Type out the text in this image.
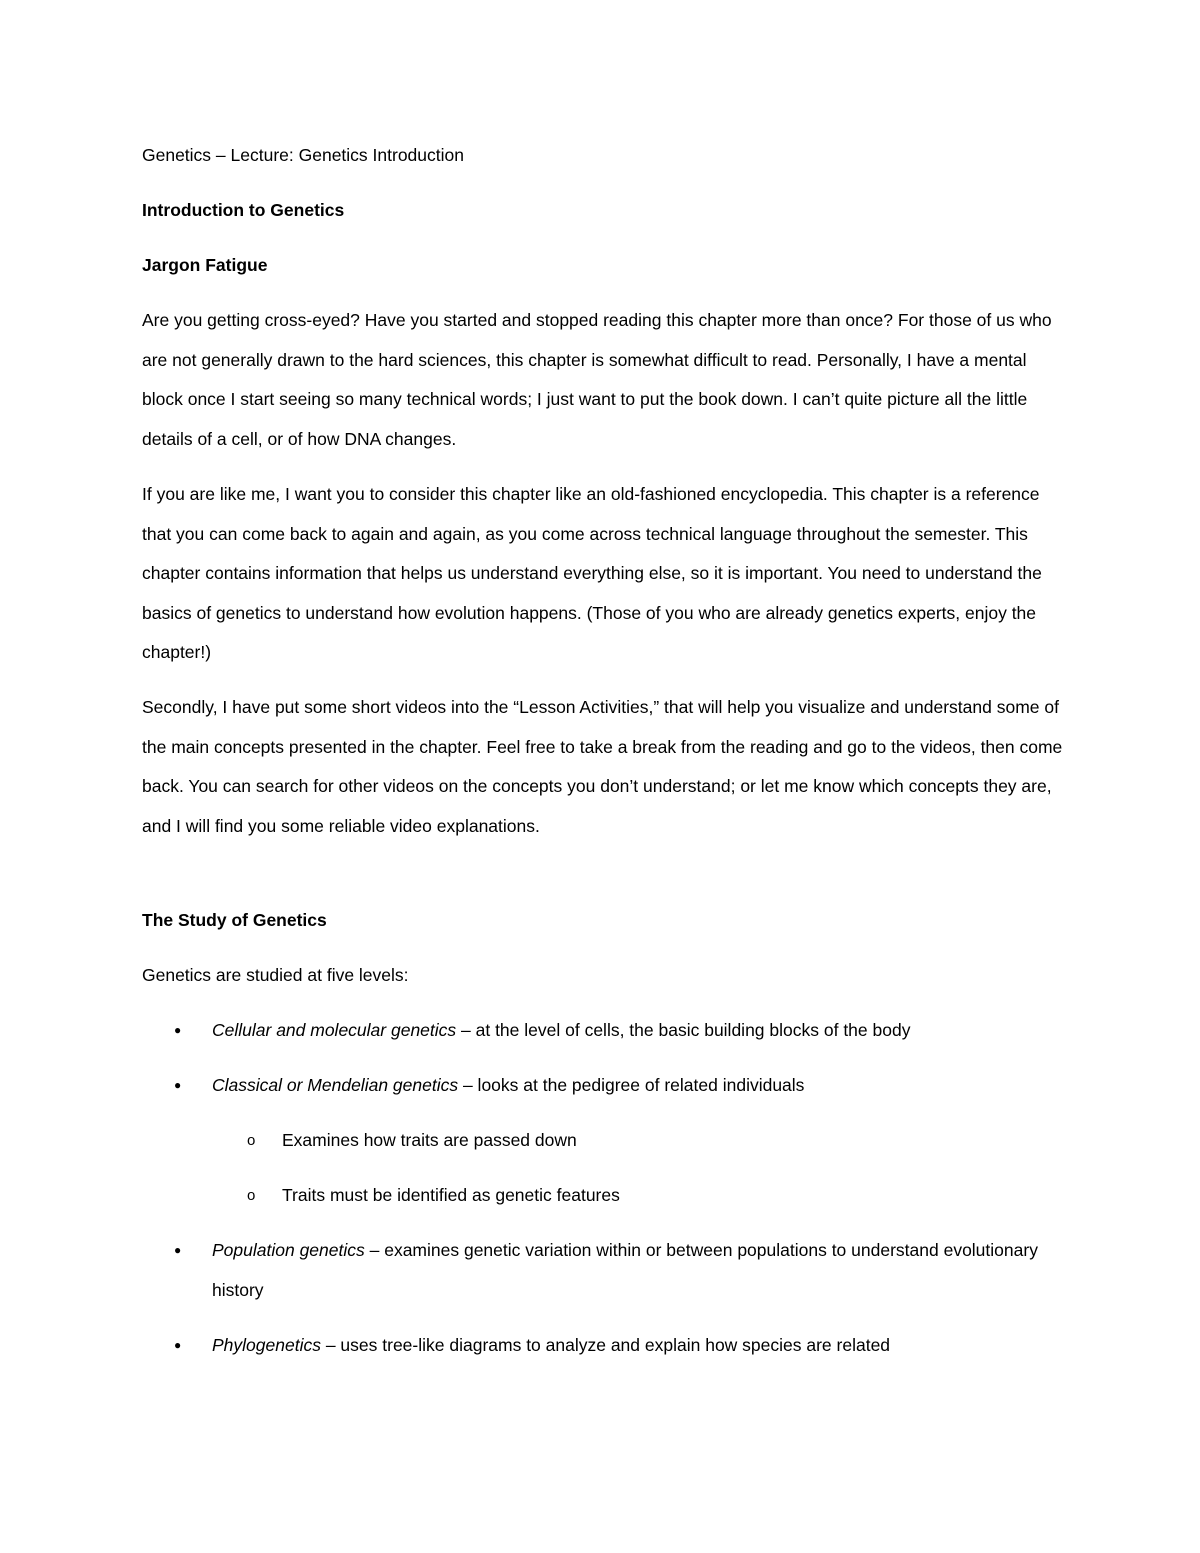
Genetics – Lecture: Genetics Introduction
Introduction to Genetics
Jargon Fatigue
Are you getting cross-eyed? Have you started and stopped reading this chapter more than once? For those of us who are not generally drawn to the hard sciences, this chapter is somewhat difficult to read. Personally, I have a mental block once I start seeing so many technical words; I just want to put the book down. I can’t quite picture all the little details of a cell, or of how DNA changes.
If you are like me, I want you to consider this chapter like an old-fashioned encyclopedia. This chapter is a reference that you can come back to again and again, as you come across technical language throughout the semester. This chapter contains information that helps us understand everything else, so it is important. You need to understand the basics of genetics to understand how evolution happens. (Those of you who are already genetics experts, enjoy the chapter!)
Secondly, I have put some short videos into the “Lesson Activities,” that will help you visualize and understand some of the main concepts presented in the chapter. Feel free to take a break from the reading and go to the videos, then come back. You can search for other videos on the concepts you don’t understand; or let me know which concepts they are, and I will find you some reliable video explanations.
The Study of Genetics
Genetics are studied at five levels:
● Cellular and molecular genetics – at the level of cells, the basic building blocks of the body
● Classical or Mendelian genetics – looks at the pedigree of related individuals
o Examines how traits are passed down
o Traits must be identified as genetic features
● Population genetics – examines genetic variation within or between populations to understand evolutionary history
● Phylogenetics – uses tree-like diagrams to analyze and explain how species are related
